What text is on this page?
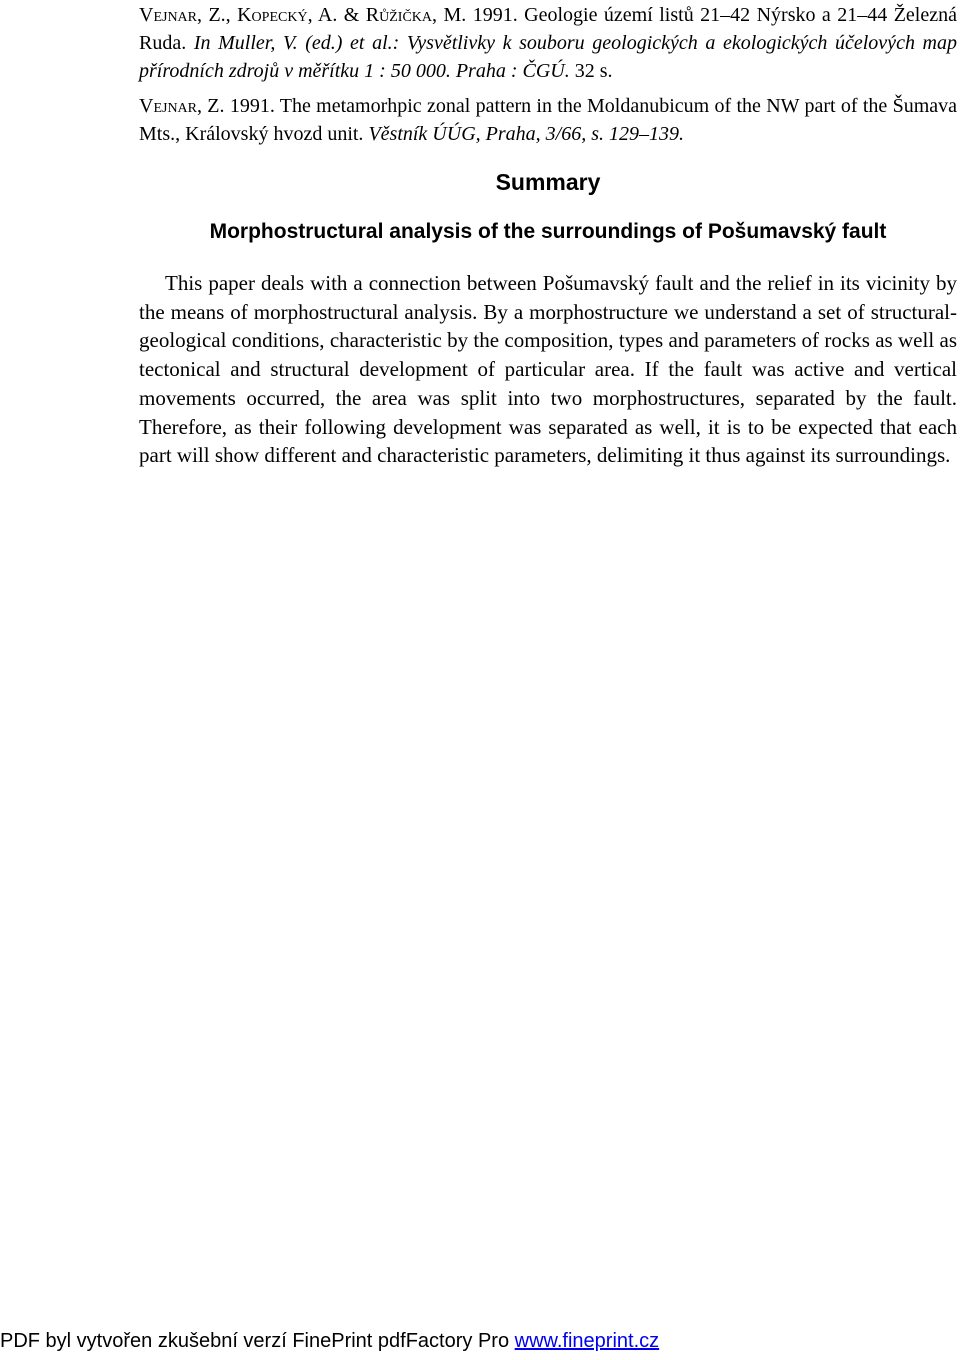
Vejnar, Z., Kopecký, A. & Růžička, M. 1991. Geologie území listů 21–42 Nýrsko a 21–44 Železná Ruda. In Muller, V. (ed.) et al.: Vysvětlivky k souboru geologických a ekologických účelových map přírodních zdrojů v měřítku 1 : 50 000. Praha : ČGÚ. 32 s.

Vejnar, Z. 1991. The metamorhpic zonal pattern in the Moldanubicum of the NW part of the Šumava Mts., Královský hvozd unit. Věstník ÚÚG, Praha, 3/66, s. 129–139.

Summary
Morphostructural analysis of the surroundings of Pošumavský fault

This paper deals with a connection between Pošumavský fault and the relief in its vicinity by the means of morphostructural analysis. By a morphostructure we understand a set of structural-geological conditions, characteristic by the composition, types and parameters of rocks as well as tectonical and structural development of particular area. If the fault was active and vertical movements occurred, the area was split into two morphostructures, separated by the fault. Therefore, as their following development was separated as well, it is to be expected that each part will show different and characteristic parameters, delimiting it thus against its surroundings.

PDF byl vytvořen zkušební verzí FinePrint pdfFactory Pro www.fineprint.cz
